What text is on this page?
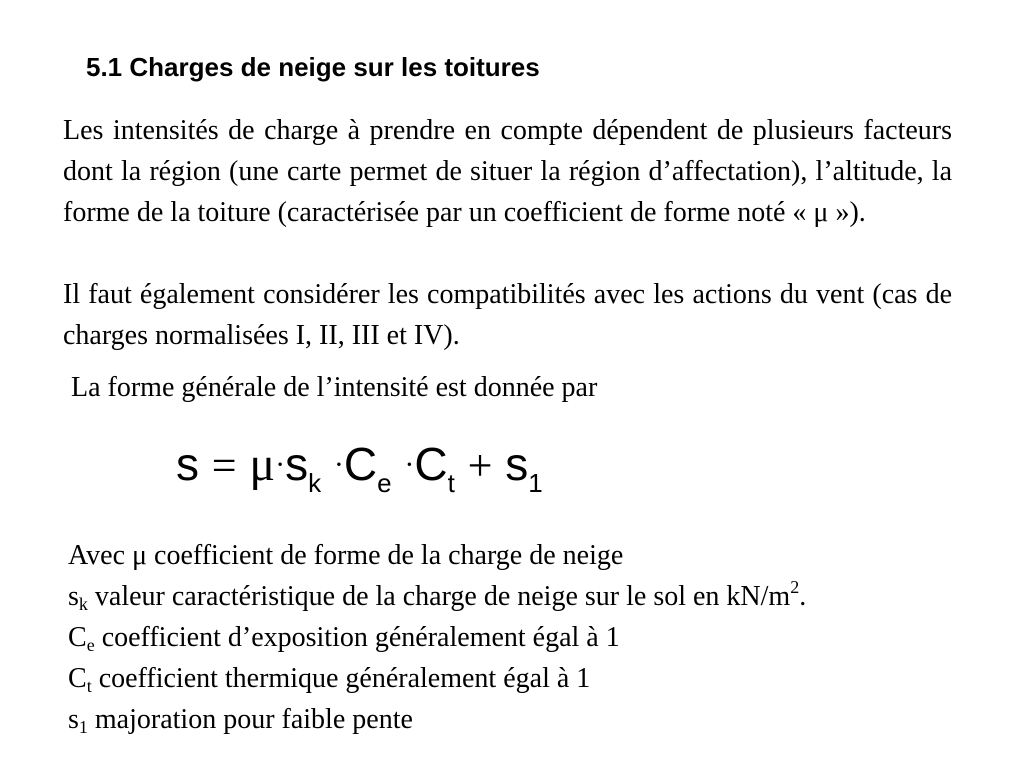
5.1 Charges de neige sur les toitures

Les intensités de charge à prendre en compte dépendent de plusieurs facteurs dont la région (une carte permet de situer la région d’affectation), l’altitude, la forme de la toiture (caractérisée par un coefficient de forme noté « μ »).

Il faut également considérer les compatibilités avec les actions du vent (cas de charges normalisées I, II, III et IV).

La forme générale de l’intensité est donnée par

$s = \mu\cdot s_k \cdot C_e \cdot C_t + s_1$
Avec μ coefficient de forme de la charge de neige
$s_k$ valeur caractéristique de la charge de neige sur le sol en $kN/m^2$.
$C_e$ coefficient d’exposition généralement égal à 1
$C_t$ coefficient thermique généralement égal à 1
$s_1$ majoration pour faible pente
